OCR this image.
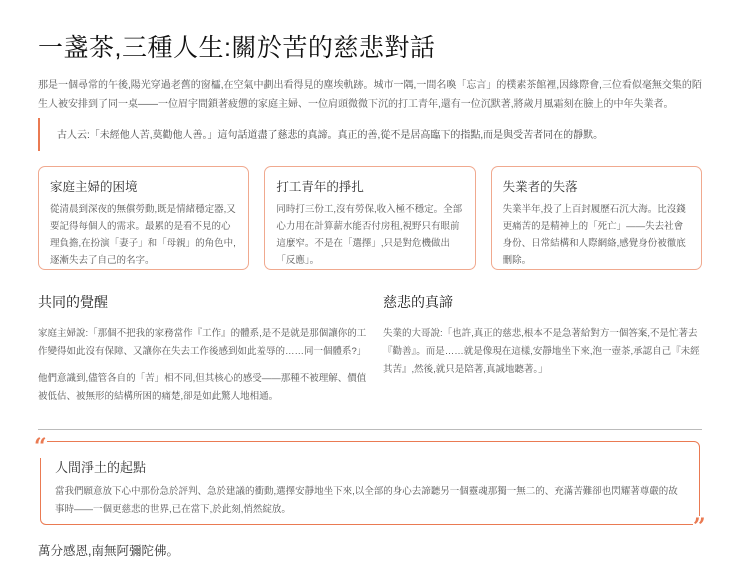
一盞茶,三種人生:關於苦的慈悲對話

那是一個尋常的午後,陽光穿過老舊的窗櫺,在空氣中劃出看得見的塵埃軌跡。城市一隅,一間名喚「忘言」的樸素茶館裡,因緣際會,三位看似毫無交集的陌生人被安排到了同一桌——一位眉宇間鎖著疲憊的家庭主婦、一位肩頭微微下沉的打工青年,還有一位沉默著,將歲月風霜刻在臉上的中年失業者。

古人云:「未經他人苦,莫勸他人善。」這句話道盡了慈悲的真諦。真正的善,從不是居高臨下的指點,而是與受苦者同在的靜默。
家庭主婦的困境

從清晨到深夜的無償勞動,既是情緒穩定器,又要記得每個人的需求。最累的是看不見的心理負擔,在扮演「妻子」和「母親」的角色中,逐漸失去了自己的名字。

打工青年的掙扎

同時打三份工,沒有勞保,收入極不穩定。全部心力用在計算薪水能否付房租,視野只有眼前這麼窄。不是在「選擇」,只是對危機做出「反應」。

失業者的失落

失業半年,投了上百封履歷石沉大海。比沒錢更痛苦的是精神上的「死亡」——失去社會身份、日常結構和人際網絡,感覺身份被徹底刪除。

共同的覺醒

家庭主婦說:「那個不把我的家務當作『工作』的體系,是不是就是那個讓你的工作變得如此沒有保障、又讓你在失去工作後感到如此羞辱的……同一個體系?」

他們意識到,儘管各自的「苦」相不同,但其核心的感受——那種不被理解、價值被低估、被無形的結構所困的痛楚,卻是如此驚人地相通。

慈悲的真諦

失業的大哥說:「也許,真正的慈悲,根本不是急著給對方一個答案,不是忙著去『勸善』。而是……就是像現在這樣,安靜地坐下來,泡一壺茶,承認自己『未經其苦』,然後,就只是陪著,真誠地聽著。」

人間淨土的起點

當我們願意放下心中那份急於評判、急於建議的衝動,選擇安靜地坐下來,以全部的身心去諦聽另一個靈魂那獨一無二的、充滿苦難卻也閃耀著尊嚴的故事時——一個更慈悲的世界,已在當下,於此刻,悄然綻放。

“
”

萬分感恩,南無阿彌陀佛。
